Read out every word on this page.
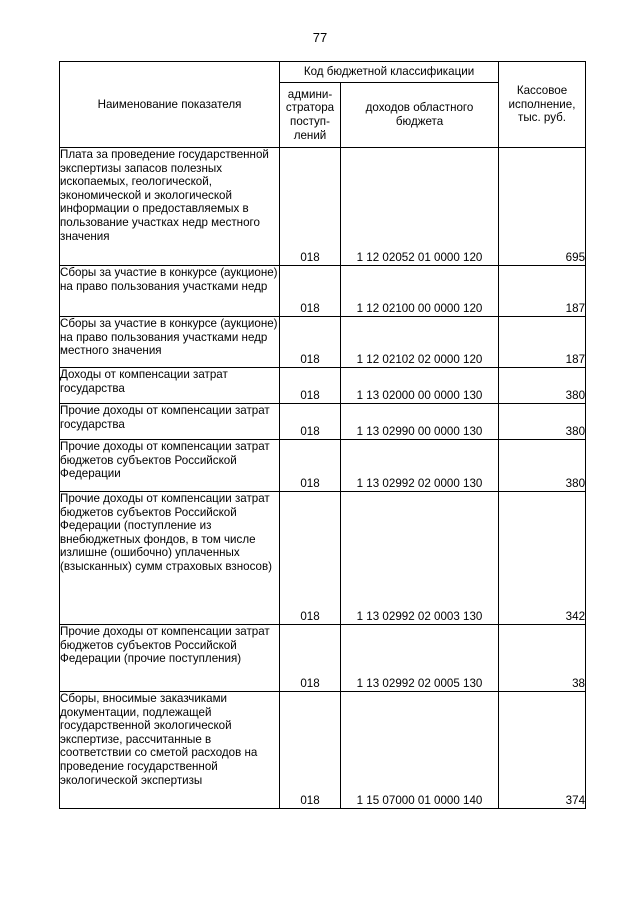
77
Наименование показателя	Код бюджетной классификации		Кассовое исполнение, тыс. руб.
	админи-стратора поступ-лений	доходов областного бюджета	
Плата за проведение государственной экспертизы запасов полезных ископаемых, геологической, экономической и экологической информации о предоставляемых в пользование участках недр местного значения	018	1 12 02052 01 0000 120	695
Сборы за участие в конкурсе (аукционе) на право пользования участками недр	018	1 12 02100 00 0000 120	187
Сборы за участие в конкурсе (аукционе) на право пользования участками недр местного значения	018	1 12 02102 02 0000 120	187
Доходы от компенсации затрат государства	018	1 13 02000 00 0000 130	380
Прочие доходы от компенсации затрат государства	018	1 13 02990 00 0000 130	380
Прочие доходы от компенсации затрат бюджетов субъектов Российской Федерации	018	1 13 02992 02 0000 130	380
Прочие доходы от компенсации затрат бюджетов субъектов Российской Федерации (поступление из внебюджетных фондов, в том числе излишне (ошибочно) уплаченных (взысканных) сумм страховых взносов)	018	1 13 02992 02 0003 130	342
Прочие доходы от компенсации затрат бюджетов субъектов Российской Федерации (прочие поступления)	018	1 13 02992 02 0005 130	38
Сборы, вносимые заказчиками документации, подлежащей государственной экологической экспертизе, рассчитанные в соответствии со сметой расходов на проведение государственной экологической экспертизы	018	1 15 07000 01 0000 140	374
